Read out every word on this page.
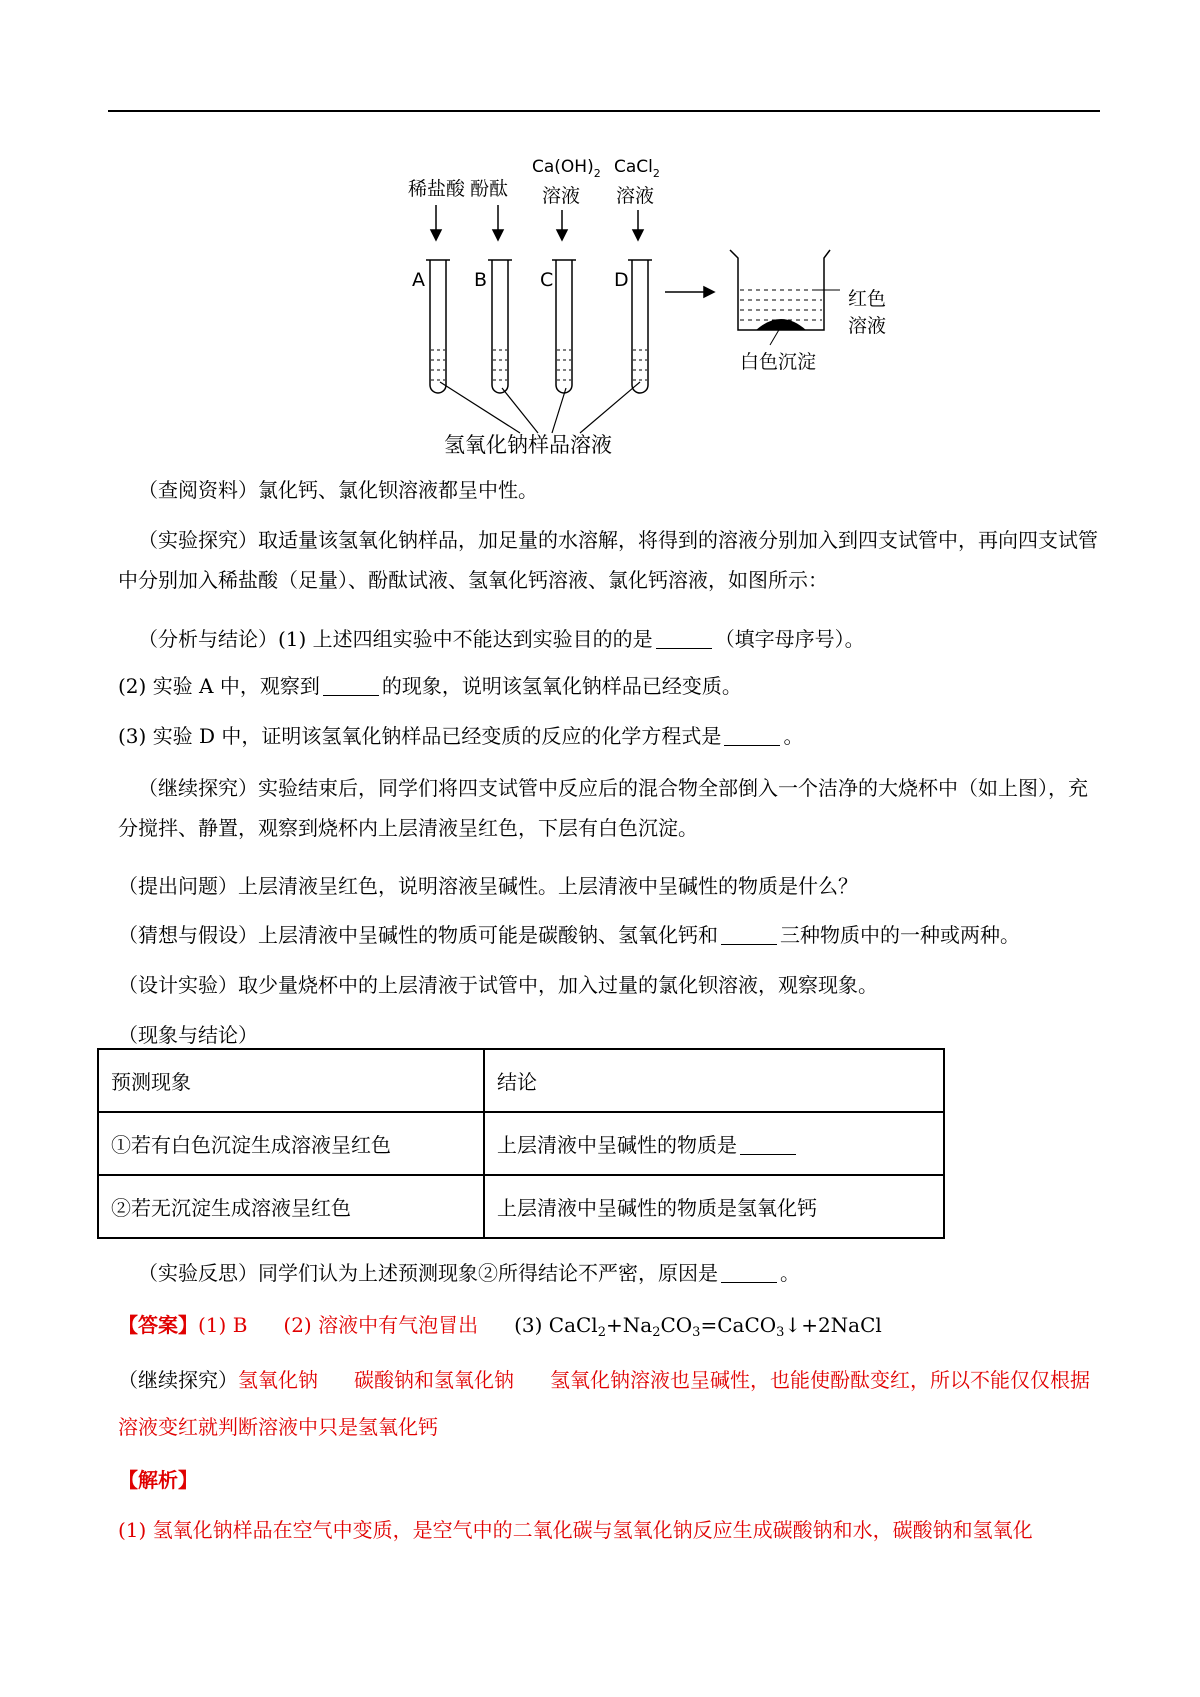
稀盐酸 酚酞
$Ca(OH)_2$
溶液
CaCl$_2$
溶液
A	B	C	D
氢氧化钠样品溶液
红色
溶液
白色沉淀

（查阅资料）氯化钙、氯化钡溶液都呈中性。

（实验探究）取适量该氢氧化钠样品，加足量的水溶解，将得到的溶液分别加入到四支试管中，再向四支试管中分别加入稀盐酸（足量）、酚酞试液、氢氧化钙溶液、氯化钙溶液，如图所示：

（分析与结论）(1) 上述四组实验中不能达到实验目的的是	（填字母序号）。

(2) 实验 A 中，观察到	的现象，说明该氢氧化钠样品已经变质。

(3) 实验 D 中，证明该氢氧化钠样品已经变质的反应的化学方程式是	。

（继续探究）实验结束后，同学们将四支试管中反应后的混合物全部倒入一个洁净的大烧杯中（如上图），充分搅拌、静置，观察到烧杯内上层清液呈红色，下层有白色沉淀。

（提出问题）上层清液呈红色，说明溶液呈碱性。上层清液中呈碱性的物质是什么？

（猜想与假设）上层清液中呈碱性的物质可能是碳酸钠、氢氧化钙和	三种物质中的一种或两种。

（设计实验）取少量烧杯中的上层清液于试管中，加入过量的氯化钡溶液，观察现象。

（现象与结论）

预测现象	结论
①若有白色沉淀生成溶液呈红色	上层清液中呈碱性的物质是
②若无沉淀生成溶液呈红色	上层清液中呈碱性的物质是氢氧化钙

（实验反思）同学们认为上述预测现象②所得结论不严密，原因是	。

【答案】(1) B (2) 溶液中有气泡冒出 (3) $CaCl_2+Na_2CO_3=CaCO_3↓+2NaCl$

（继续探究）氢氧化钠 碳酸钠和氢氧化钠 氢氧化钠溶液也呈碱性，也能使酚酞变红，所以不能仅仅根据溶液变红就判断溶液中只是氢氧化钙

【解析】

(1) 氢氧化钠样品在空气中变质，是空气中的二氧化碳与氢氧化钠反应生成碳酸钠和水，碳酸钠和氢氧化
